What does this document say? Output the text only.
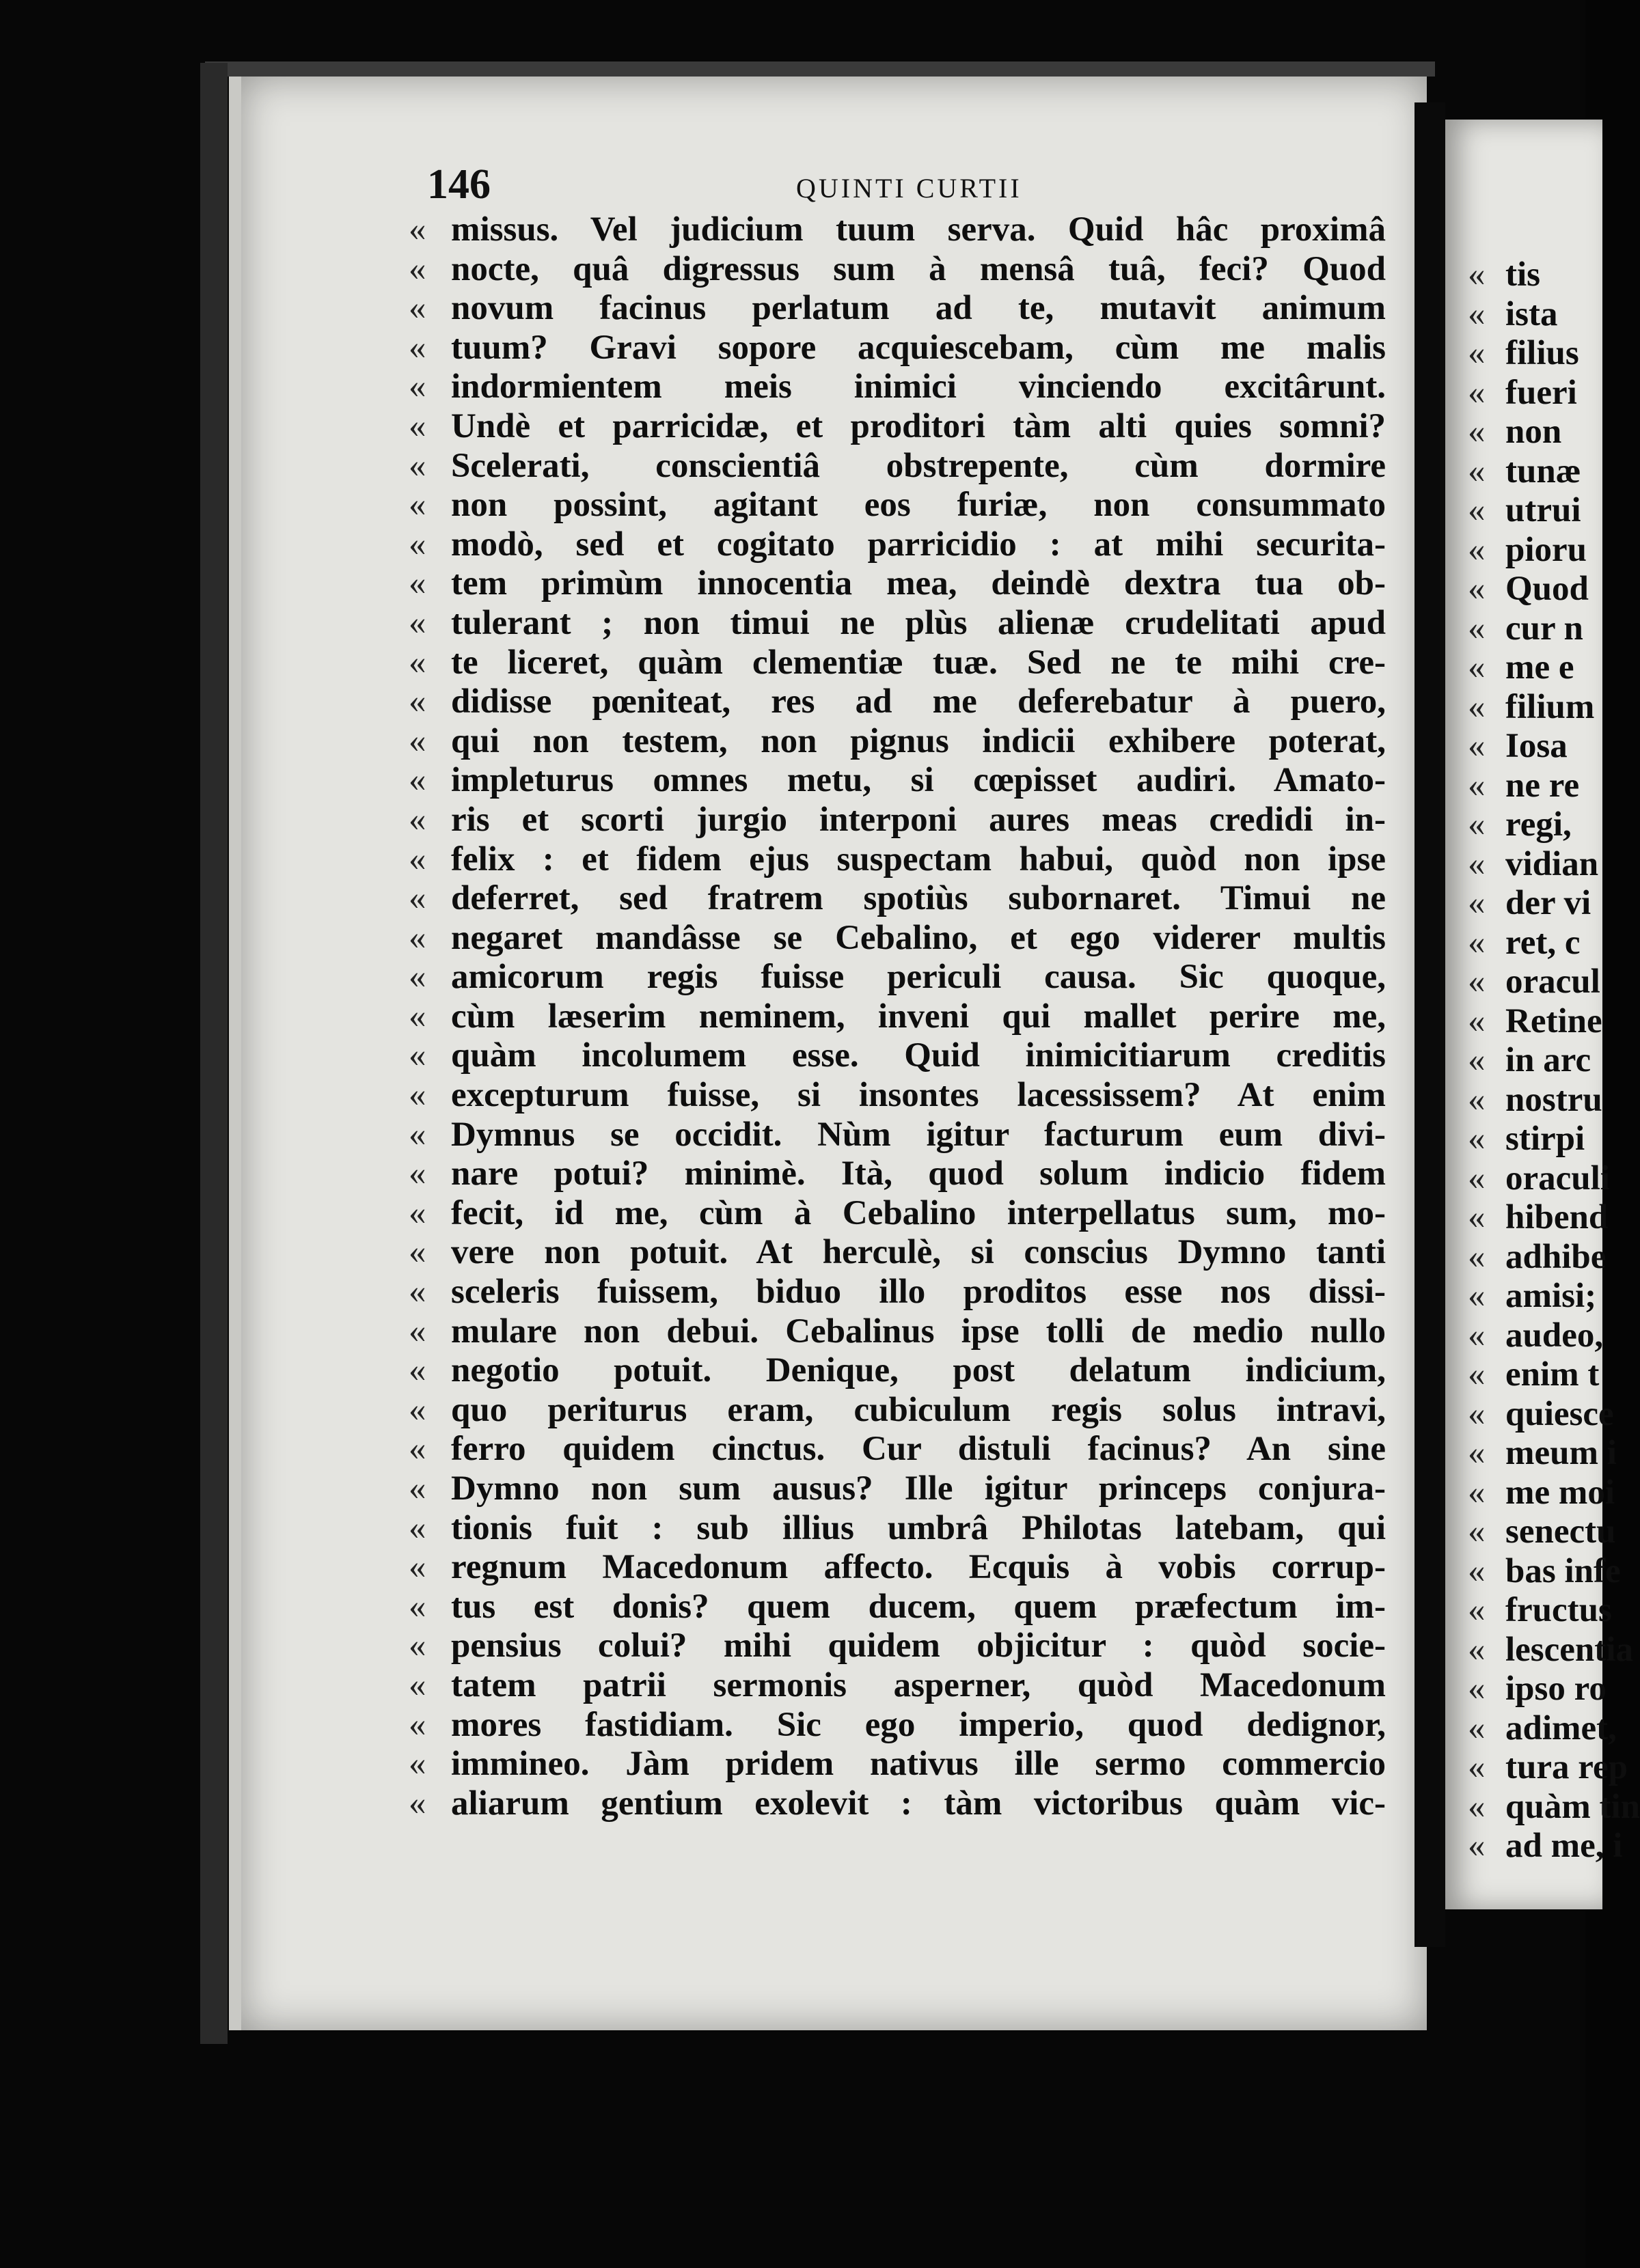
146	QUINTI CURTII
« missus. Vel judicium tuum serva. Quid hâc proximâ
« nocte, quâ digressus sum à mensâ tuâ, feci? Quod
« novum facinus perlatum ad te, mutavit animum
« tuum? Gravi sopore acquiescebam, cùm me malis
« indormientem meis inimici vinciendo excitârunt.
« Undè et parricidæ, et proditori tàm alti quies somni?
« Scelerati, conscientiâ obstrepente, cùm dormire
« non possint, agitant eos furiæ, non consummato
« modò, sed et cogitato parricidio : at mihi securita-
« tem primùm innocentia mea, deindè dextra tua ob-
« tulerant ; non timui ne plùs alienæ crudelitati apud
« te liceret, quàm clementiæ tuæ. Sed ne te mihi cre-
« didisse pœniteat, res ad me deferebatur à puero,
« qui non testem, non pignus indicii exhibere poterat,
« impleturus omnes metu, si cœpisset audiri. Amato-
« ris et scorti jurgio interponi aures meas credidi in-
« felix : et fidem ejus suspectam habui, quòd non ipse
« deferret, sed fratrem spotiùs subornaret. Timui ne
« negaret mandâsse se Cebalino, et ego viderer multis
« amicorum regis fuisse periculi causa. Sic quoque,
« cùm læserim neminem, inveni qui mallet perire me,
« quàm incolumem esse. Quid inimicitiarum creditis
« excepturum fuisse, si insontes lacessissem? At enim
« Dymnus se occidit. Nùm igitur facturum eum divi-
« nare potui? minimè. Ità, quod solum indicio fidem
« fecit, id me, cùm à Cebalino interpellatus sum, mo-
« vere non potuit. At herculè, si conscius Dymno tanti
« sceleris fuissem, biduo illo proditos esse nos dissi-
« mulare non debui. Cebalinus ipse tolli de medio nullo
« negotio potuit. Denique, post delatum indicium,
« quo periturus eram, cubiculum regis solus intravi,
« ferro quidem cinctus. Cur distuli facinus? An sine
« Dymno non sum ausus? Ille igitur princeps conjura-
« tionis fuit : sub illius umbrâ Philotas latebam, qui
« regnum Macedonum affecto. Ecquis à vobis corrup-
« tus est donis? quem ducem, quem præfectum im-
« pensius colui? mihi quidem objicitur : quòd socie-
« tatem patrii sermonis asperner, quòd Macedonum
« mores fastidiam. Sic ego imperio, quod dedignor,
« immineo. Jàm pridem nativus ille sermo commercio
« aliarum gentium exolevit : tàm victoribus quàm vic-
« tis
« ista
« filius
« fueri
« non
« tunæ
« utrui
« pioru
« Quod
« cur n
« me e
« filium
« Iosa
« ne re
« regi,
« vidian
« der vi
« ret, c
« oracul
« Retine
« in arc
« nostru
« stirpi
« oraculi
« hibend
« adhibe
« amisi;
« audeo,
« enim t
« quiesce
« meum i
« me moi
« senectu
« bas infe
« fructus
« lescentia
« ipso ro
« adimet,
« tura rep
« quàm tin
« ad me, i
